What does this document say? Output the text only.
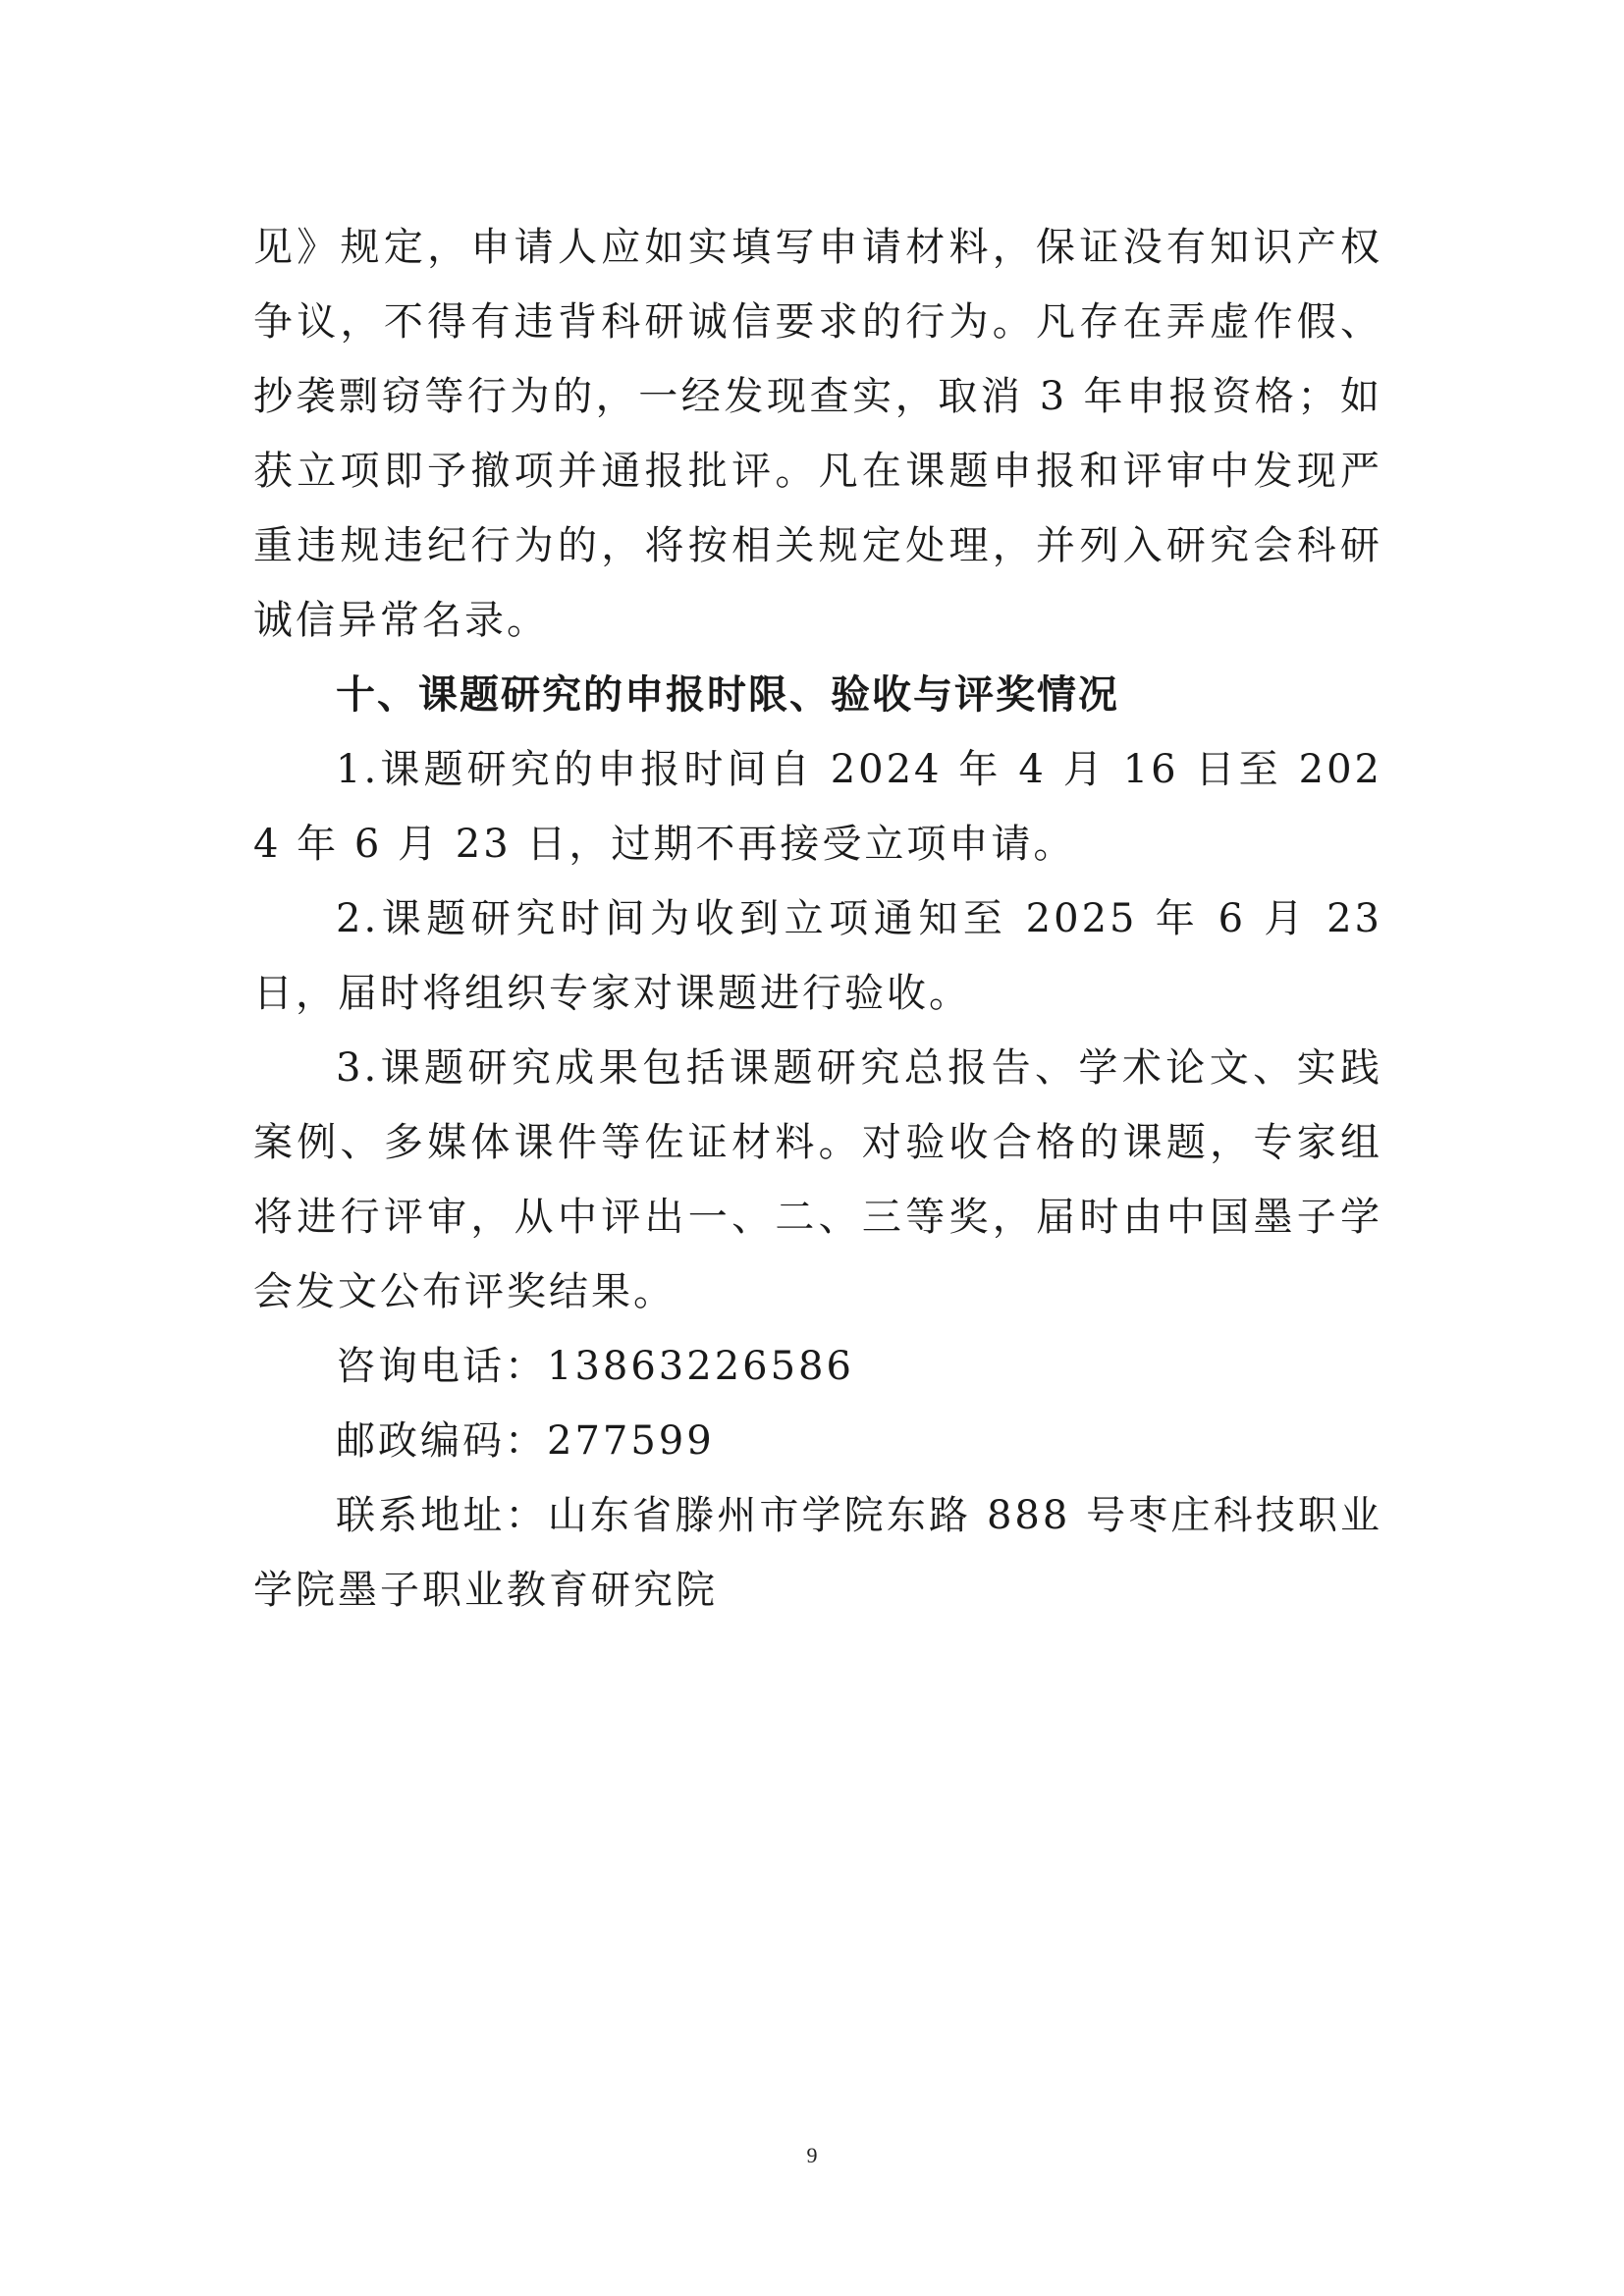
见》规定，申请人应如实填写申请材料，保证没有知识产权争议，不得有违背科研诚信要求的行为。凡存在弄虚作假、抄袭剽窃等行为的，一经发现查实，取消 3 年申报资格；如获立项即予撤项并通报批评。凡在课题申报和评审中发现严重违规违纪行为的，将按相关规定处理，并列入研究会科研诚信异常名录。

十、课题研究的申报时限、验收与评奖情况

1.课题研究的申报时间自 2024 年 4 月 16 日至 2024 年 6 月 23 日，过期不再接受立项申请。

2.课题研究时间为收到立项通知至 2025 年 6 月 23 日，届时将组织专家对课题进行验收。

3.课题研究成果包括课题研究总报告、学术论文、实践案例、多媒体课件等佐证材料。对验收合格的课题，专家组将进行评审，从中评出一、二、三等奖，届时由中国墨子学会发文公布评奖结果。

咨询电话：13863226586

邮政编码：277599

联系地址：山东省滕州市学院东路 888 号枣庄科技职业学院墨子职业教育研究院

9
